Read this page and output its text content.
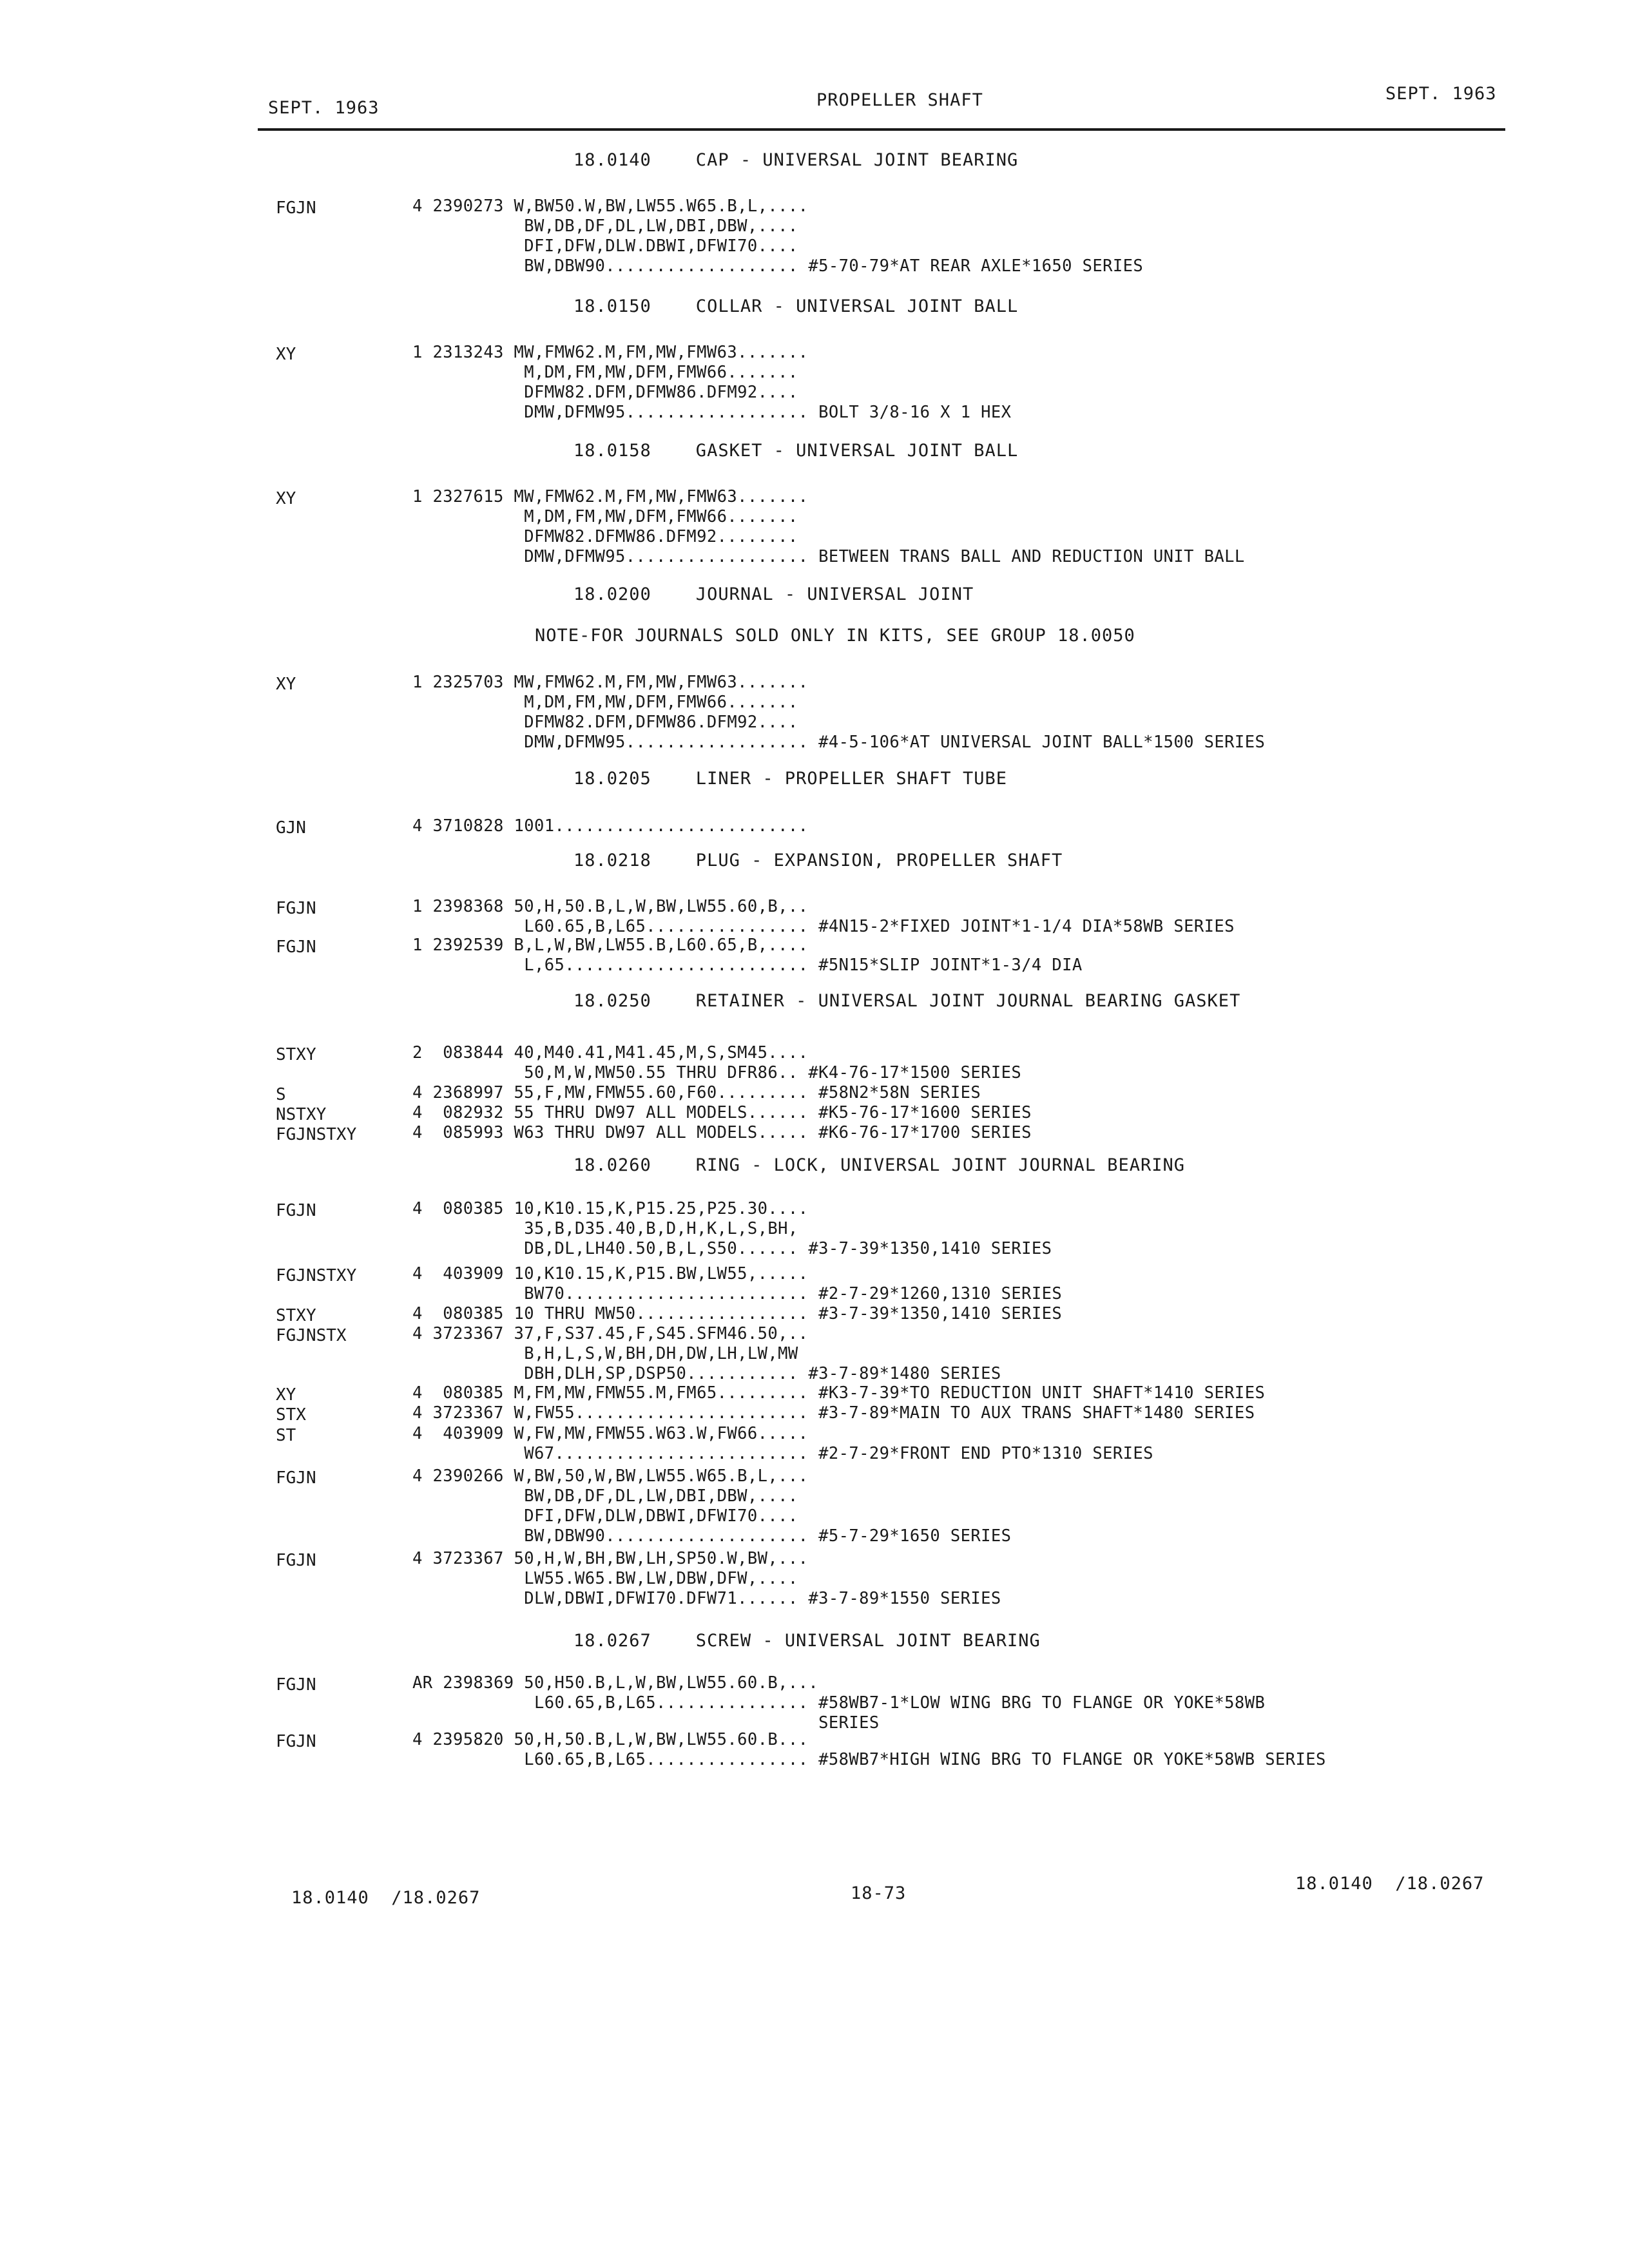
SEPT. 1963	PROPELLER SHAFT	SEPT. 1963
18.0140    CAP - UNIVERSAL JOINT BEARING
FGJN	4 2390273 W,BW50.W,BW,LW55.W65.B,L,....
BW,DB,DF,DL,LW,DBI,DBW,....
DFI,DFW,DLW.DBWI,DFWI70....
BW,DBW90................... #5-70-79*AT REAR AXLE*1650 SERIES
18.0150    COLLAR - UNIVERSAL JOINT BALL
XY	1 2313243 MW,FMW62.M,FM,MW,FMW63.......
M,DM,FM,MW,DFM,FMW66.......
DFMW82.DFM,DFMW86.DFM92....
DMW,DFMW95.................. BOLT 3/8-16 X 1 HEX
18.0158    GASKET - UNIVERSAL JOINT BALL
XY	1 2327615 MW,FMW62.M,FM,MW,FMW63.......
M,DM,FM,MW,DFM,FMW66.......
DFMW82.DFMW86.DFM92........
DMW,DFMW95.................. BETWEEN TRANS BALL AND REDUCTION UNIT BALL
18.0200    JOURNAL - UNIVERSAL JOINT
NOTE-FOR JOURNALS SOLD ONLY IN KITS, SEE GROUP 18.0050
XY	1 2325703 MW,FMW62.M,FM,MW,FMW63.......
M,DM,FM,MW,DFM,FMW66.......
DFMW82.DFM,DFMW86.DFM92....
DMW,DFMW95.................. #4-5-106*AT UNIVERSAL JOINT BALL*1500 SERIES
18.0205    LINER - PROPELLER SHAFT TUBE
GJN	4 3710828 1001.........................
18.0218    PLUG - EXPANSION, PROPELLER SHAFT
FGJN	1 2398368 50,H,50.B,L,W,BW,LW55.60,B,..
L60.65,B,L65................ #4N15-2*FIXED JOINT*1-1/4 DIA*58WB SERIES
FGJN	1 2392539 B,L,W,BW,LW55.B,L60.65,B,....
L,65........................ #5N15*SLIP JOINT*1-3/4 DIA
18.0250    RETAINER - UNIVERSAL JOINT JOURNAL BEARING GASKET
STXY	2  083844 40,M40.41,M41.45,M,S,SM45....
50,M,W,MW50.55 THRU DFR86.. #K4-76-17*1500 SERIES
S	4 2368997 55,F,MW,FMW55.60,F60......... #58N2*58N SERIES
NSTXY	4  082932 55 THRU DW97 ALL MODELS...... #K5-76-17*1600 SERIES
FGJNSTXY	4  085993 W63 THRU DW97 ALL MODELS..... #K6-76-17*1700 SERIES
18.0260    RING - LOCK, UNIVERSAL JOINT JOURNAL BEARING
FGJN	4  080385 10,K10.15,K,P15.25,P25.30....
35,B,D35.40,B,D,H,K,L,S,BH,
DB,DL,LH40.50,B,L,S50...... #3-7-39*1350,1410 SERIES
FGJNSTXY	4  403909 10,K10.15,K,P15.BW,LW55,.....
BW70........................ #2-7-29*1260,1310 SERIES
STXY	4  080385 10 THRU MW50................. #3-7-39*1350,1410 SERIES
FGJNSTX	4 3723367 37,F,S37.45,F,S45.SFM46.50,..
B,H,L,S,W,BH,DH,DW,LH,LW,MW
DBH,DLH,SP,DSP50........... #3-7-89*1480 SERIES
XY	4  080385 M,FM,MW,FMW55.M,FM65......... #K3-7-39*TO REDUCTION UNIT SHAFT*1410 SERIES
STX	4 3723367 W,FW55....................... #3-7-89*MAIN TO AUX TRANS SHAFT*1480 SERIES
ST	4  403909 W,FW,MW,FMW55.W63.W,FW66.....
W67......................... #2-7-29*FRONT END PTO*1310 SERIES
FGJN	4 2390266 W,BW,50,W,BW,LW55.W65.B,L,...
BW,DB,DF,DL,LW,DBI,DBW,....
DFI,DFW,DLW,DBWI,DFWI70....
BW,DBW90.................... #5-7-29*1650 SERIES
FGJN	4 3723367 50,H,W,BH,BW,LH,SP50.W,BW,...
LW55.W65.BW,LW,DBW,DFW,....
DLW,DBWI,DFWI70.DFW71...... #3-7-89*1550 SERIES
18.0267    SCREW - UNIVERSAL JOINT BEARING
FGJN	AR 2398369 50,H50.B,L,W,BW,LW55.60.B,...
L60.65,B,L65............... #58WB7-1*LOW WING BRG TO FLANGE OR YOKE*58WB
SERIES
FGJN	4 2395820 50,H,50.B,L,W,BW,LW55.60.B...
L60.65,B,L65................ #58WB7*HIGH WING BRG TO FLANGE OR YOKE*58WB SERIES
18.0140  /18.0267	18-73	18.0140  /18.0267
